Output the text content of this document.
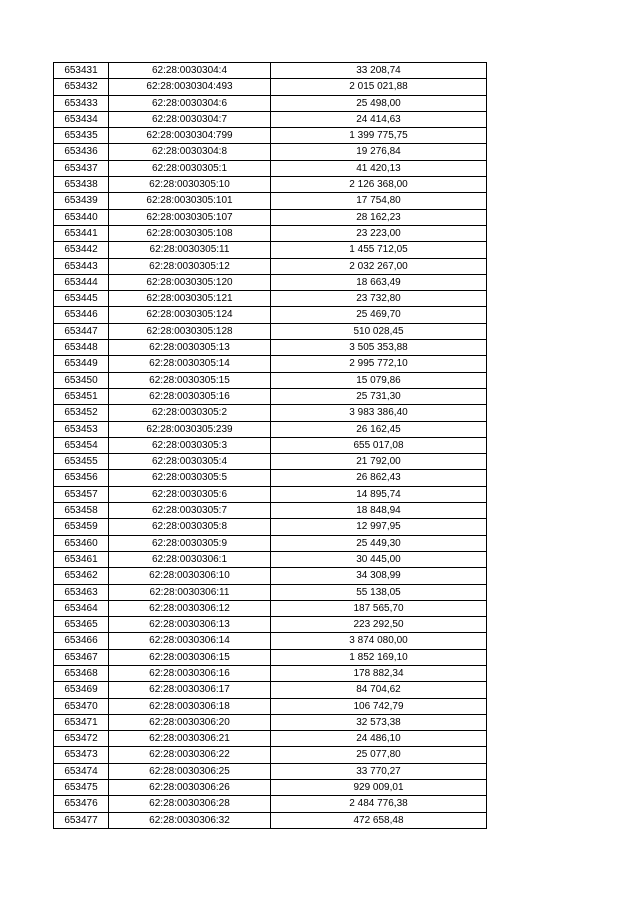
653431	62:28:0030304:4	33 208,74
653432	62:28:0030304:493	2 015 021,88
653433	62:28:0030304:6	25 498,00
653434	62:28:0030304:7	24 414,63
653435	62:28:0030304:799	1 399 775,75
653436	62:28:0030304:8	19 276,84
653437	62:28:0030305:1	41 420,13
653438	62:28:0030305:10	2 126 368,00
653439	62:28:0030305:101	17 754,80
653440	62:28:0030305:107	28 162,23
653441	62:28:0030305:108	23 223,00
653442	62:28:0030305:11	1 455 712,05
653443	62:28:0030305:12	2 032 267,00
653444	62:28:0030305:120	18 663,49
653445	62:28:0030305:121	23 732,80
653446	62:28:0030305:124	25 469,70
653447	62:28:0030305:128	510 028,45
653448	62:28:0030305:13	3 505 353,88
653449	62:28:0030305:14	2 995 772,10
653450	62:28:0030305:15	15 079,86
653451	62:28:0030305:16	25 731,30
653452	62:28:0030305:2	3 983 386,40
653453	62:28:0030305:239	26 162,45
653454	62:28:0030305:3	655 017,08
653455	62:28:0030305:4	21 792,00
653456	62:28:0030305:5	26 862,43
653457	62:28:0030305:6	14 895,74
653458	62:28:0030305:7	18 848,94
653459	62:28:0030305:8	12 997,95
653460	62:28:0030305:9	25 449,30
653461	62:28:0030306:1	30 445,00
653462	62:28:0030306:10	34 308,99
653463	62:28:0030306:11	55 138,05
653464	62:28:0030306:12	187 565,70
653465	62:28:0030306:13	223 292,50
653466	62:28:0030306:14	3 874 080,00
653467	62:28:0030306:15	1 852 169,10
653468	62:28:0030306:16	178 882,34
653469	62:28:0030306:17	84 704,62
653470	62:28:0030306:18	106 742,79
653471	62:28:0030306:20	32 573,38
653472	62:28:0030306:21	24 486,10
653473	62:28:0030306:22	25 077,80
653474	62:28:0030306:25	33 770,27
653475	62:28:0030306:26	929 009,01
653476	62:28:0030306:28	2 484 776,38
653477	62:28:0030306:32	472 658,48
